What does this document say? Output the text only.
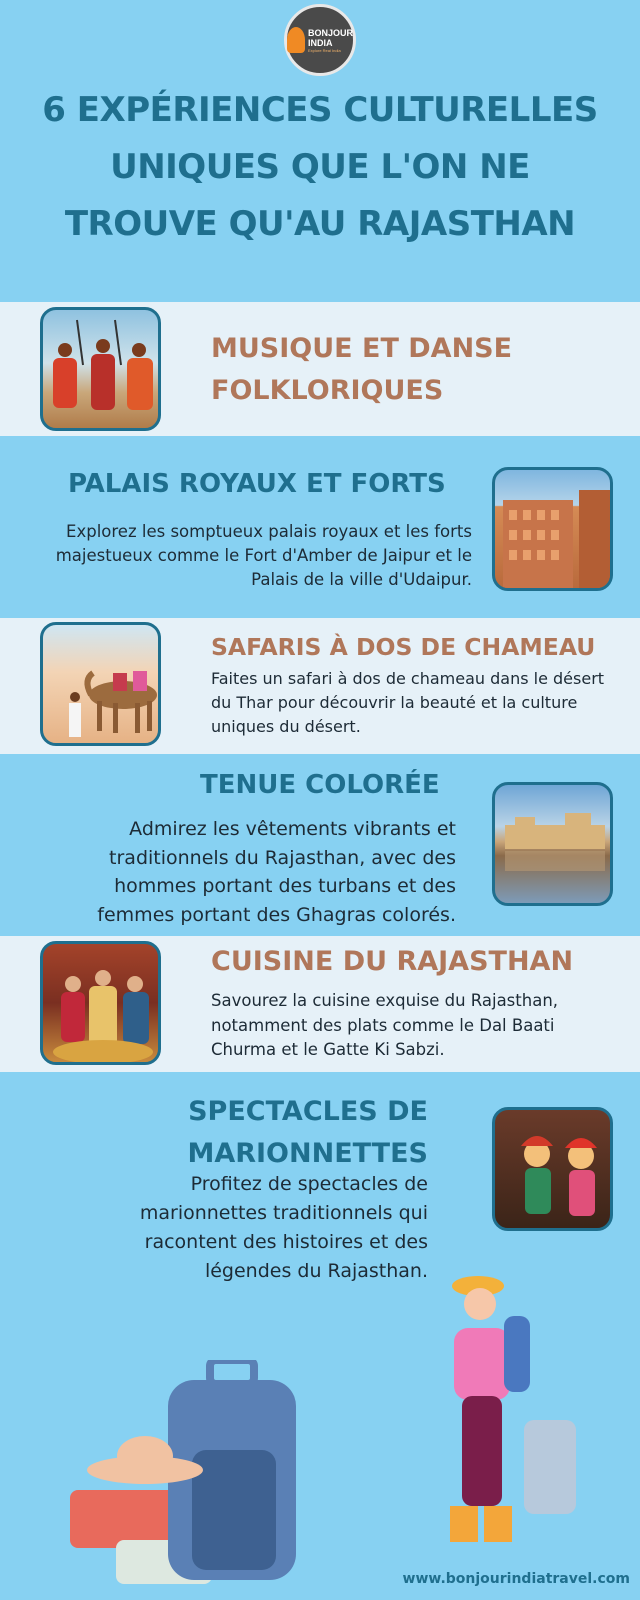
BONJOUR
INDIA
Explore Real India
6 EXPÉRIENCES CULTURELLES UNIQUES QUE L'ON NE TROUVE QU'AU RAJASTHAN
MUSIQUE ET DANSE
FOLKLORIQUES
PALAIS ROYAUX ET FORTS
Explorez les somptueux palais royaux et les forts majestueux comme le Fort d'Amber de Jaipur et le Palais de la ville d'Udaipur.
SAFARIS À DOS DE CHAMEAU
Faites un safari à dos de chameau dans le désert du Thar pour découvrir la beauté et la culture uniques du désert.
TENUE COLORÉE
Admirez les vêtements vibrants et traditionnels du Rajasthan, avec des hommes portant des turbans et des femmes portant des Ghagras colorés.
CUISINE DU RAJASTHAN
Savourez la cuisine exquise du Rajasthan, notamment des plats comme le Dal Baati Churma et le Gatte Ki Sabzi.
SPECTACLES DE
MARIONNETTES
Profitez de spectacles de marionnettes traditionnels qui racontent des histoires et des légendes du Rajasthan.
www.bonjourindiatravel.com
